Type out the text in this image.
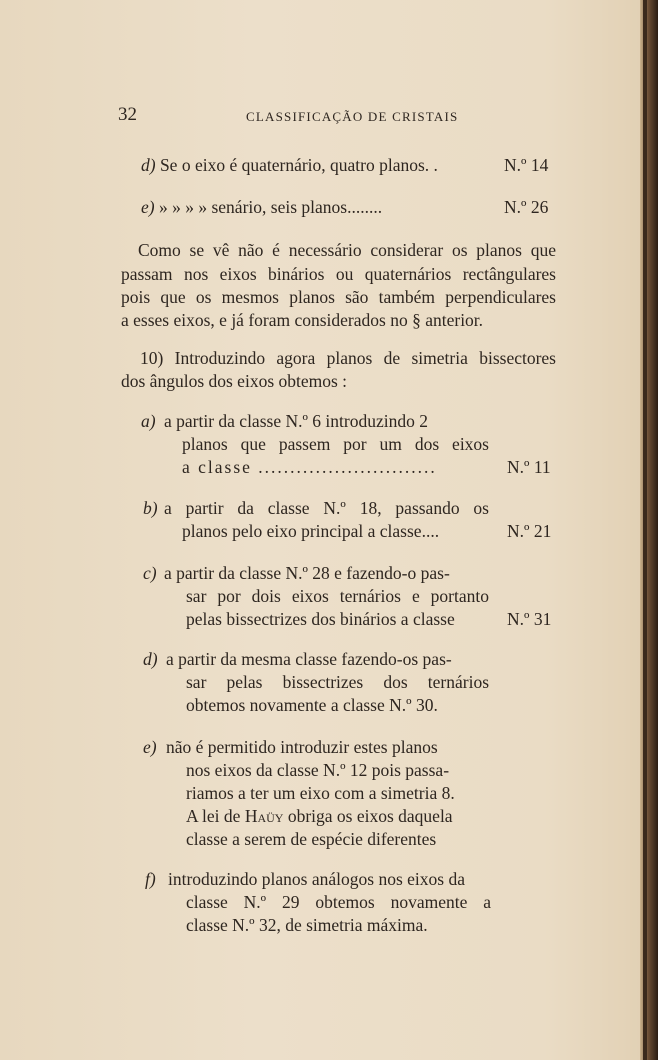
32	CLASSIFICAÇÃO DE CRISTAIS
d) Se o eixo é quaternário, quatro planos. .	N.º 14
e) » » » » senário, seis planos........	N.º 26
Como se vê não é necessário considerar os planos que
passam nos eixos binários ou quaternários rectângulares
pois que os mesmos planos são também perpendiculares
a esses eixos, e já foram considerados no § anterior.
10) Introduzindo agora planos de simetria bissectores
dos ângulos dos eixos obtemos :
a) a partir da classe N.º 6 introduzindo 2
planos que passem por um dos eixos
a classe ............................	N.º 11
b) a partir da classe N.º 18, passando os
planos pelo eixo principal a classe....	N.º 21
c) a partir da classe N.º 28 e fazendo-o pas-
sar por dois eixos ternários e portanto
pelas bissectrizes dos binários a classe	N.º 31
d) a partir da mesma classe fazendo-os pas-
sar pelas bissectrizes dos ternários
obtemos novamente a classe N.º 30.
e) não é permitido introduzir estes planos
nos eixos da classe N.º 12 pois passa-
riamos a ter um eixo com a simetria 8.
A lei de Haüy obriga os eixos daquela
classe a serem de espécie diferentes
f) introduzindo planos análogos nos eixos da
classe N.º 29 obtemos novamente a
classe N.º 32, de simetria máxima.
